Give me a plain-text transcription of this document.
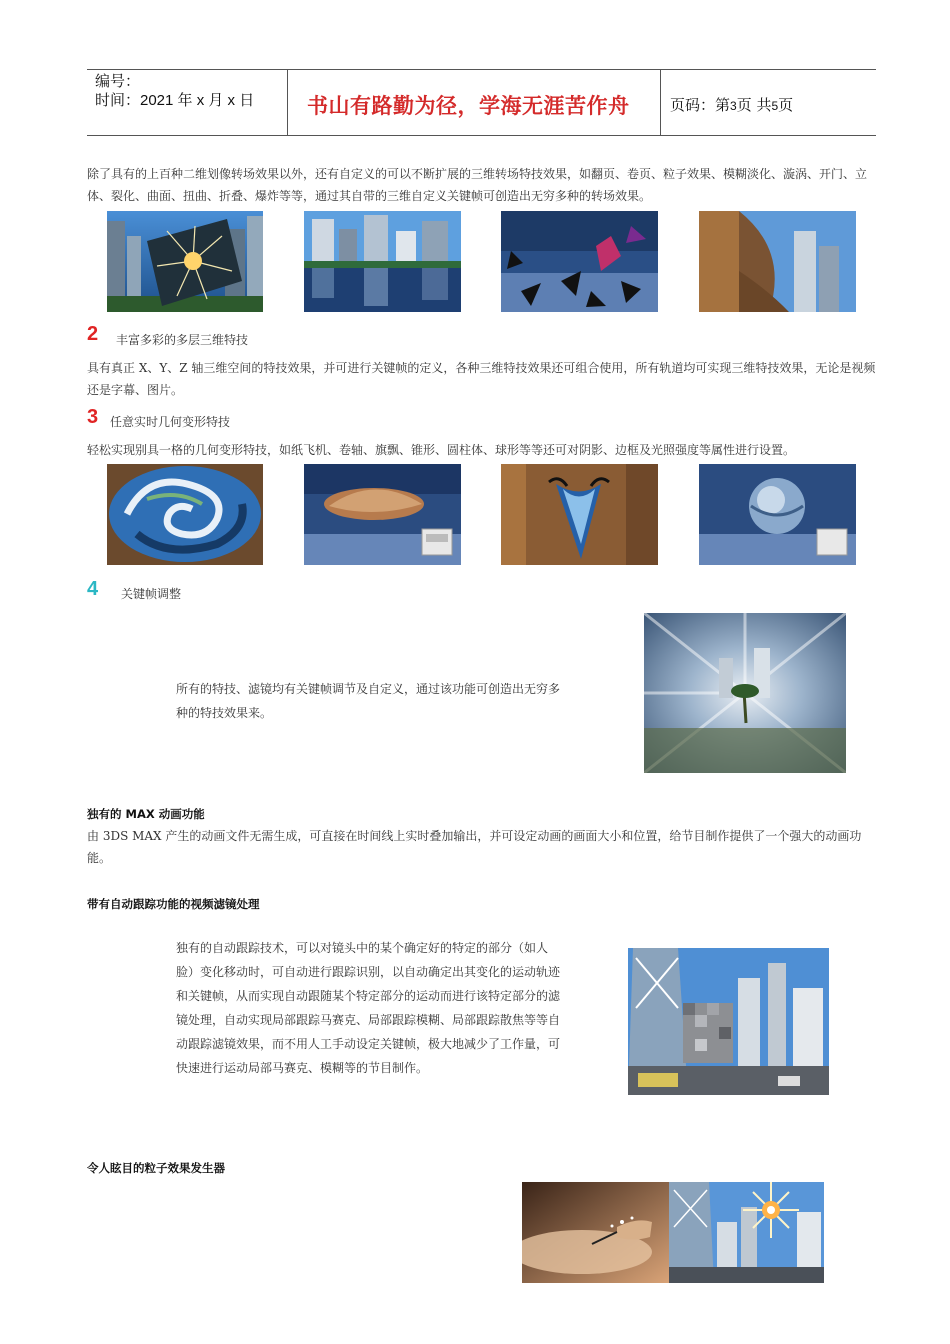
编号：
时间：2021 年 x 月 x 日	书山有路勤为径，学海无涯苦作舟	页码：第3页 共5页
除了具有的上百种二维划像转场效果以外，还有自定义的可以不断扩展的三维转场特技效果，如翻页、卷页、粒子效果、模糊淡化、漩涡、开门、立体、裂化、曲面、扭曲、折叠、爆炸等等，通过其自带的三维自定义关键帧可创造出无穷多种的转场效果。
2 丰富多彩的多层三维特技
具有真正 X、Y、Z 轴三维空间的特技效果，并可进行关键帧的定义，各种三维特技效果还可组合使用，所有轨道均可实现三维特技效果，无论是视频还是字幕、图片。
3 任意实时几何变形特技
轻松实现别具一格的几何变形特技，如纸飞机、卷轴、旗飘、锥形、圆柱体、球形等等还可对阴影、边框及光照强度等属性进行设置。
4 关键帧调整
所有的特技、滤镜均有关键帧调节及自定义，通过该功能可创造出无穷多种的特技效果来。
独有的 MAX 动画功能
由 3DS MAX 产生的动画文件无需生成，可直接在时间线上实时叠加输出，并可设定动画的画面大小和位置，给节目制作提供了一个强大的动画功能。
带有自动跟踪功能的视频滤镜处理
独有的自动跟踪技术，可以对镜头中的某个确定好的特定的部分（如人脸）变化移动时，可自动进行跟踪识别，以自动确定出其变化的运动轨迹和关键帧，从而实现自动跟随某个特定部分的运动而进行该特定部分的滤镜处理，自动实现局部跟踪马赛克、局部跟踪模糊、局部跟踪散焦等等自动跟踪滤镜效果，而不用人工手动设定关键帧，极大地减少了工作量，可快速进行运动局部马赛克、模糊等的节目制作。
令人眩目的粒子效果发生器
